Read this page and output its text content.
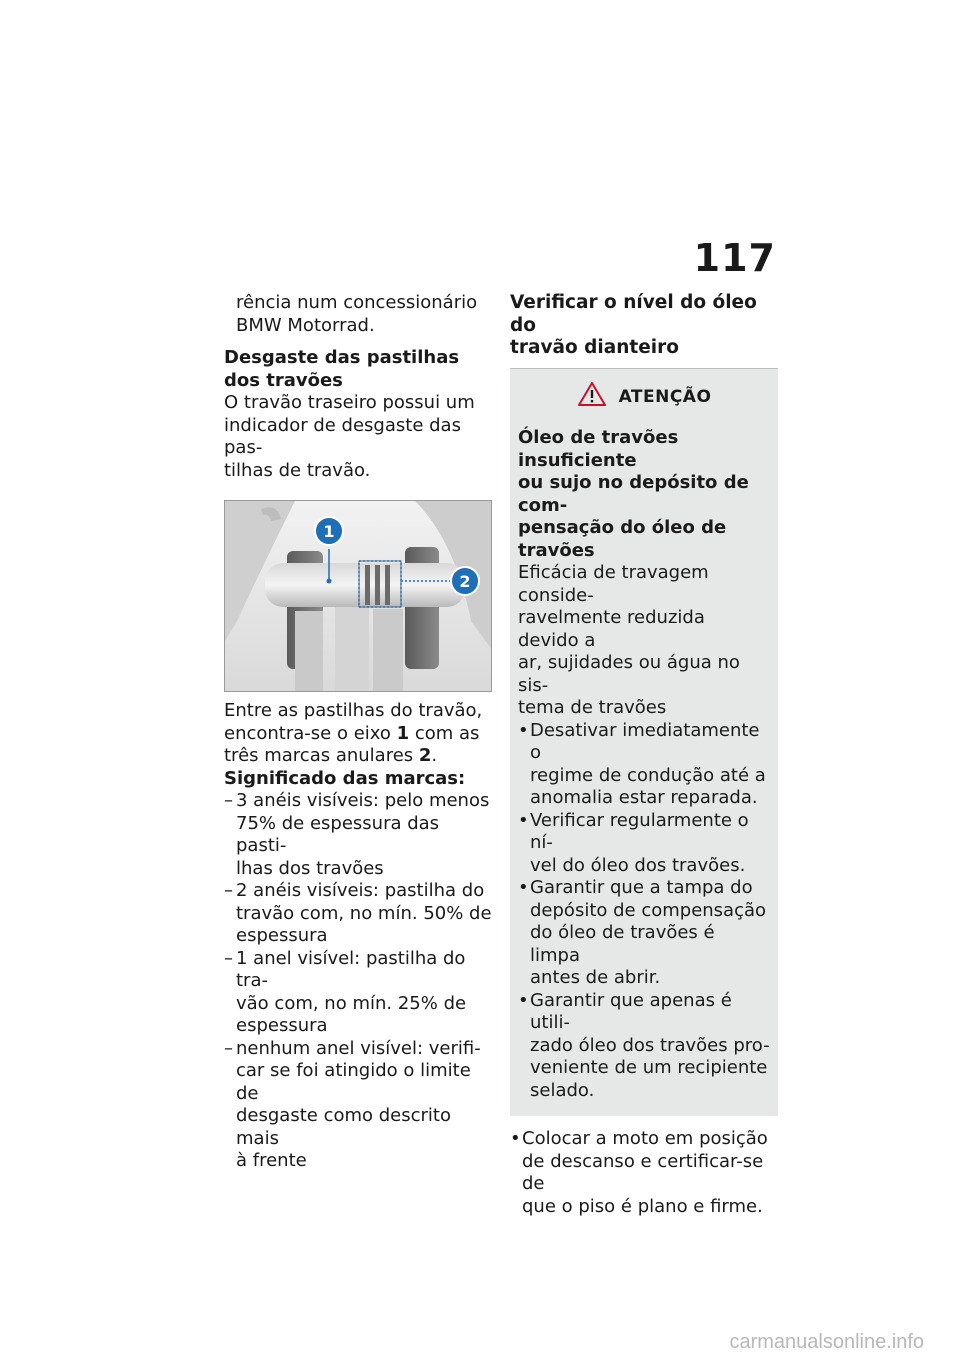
117

rência num concessionário

BMW Motorrad.

Desgaste das pastilhas dos travões

O travão traseiro possui um

indicador de desgaste das pas-

tilhas de travão.

1
2

Entre as pastilhas do travão,

encontra-se o eixo 1 com as

três marcas anulares 2.

Significado das marcas:

– 3 anéis visíveis: pelo menos
75% de espessura das pasti-
lhas dos travões
– 2 anéis visíveis: pastilha do
travão com, no mín. 50% de
espessura
– 1 anel visível: pastilha do tra-
vão com, no mín. 25% de
espessura
– nenhum anel visível: verifi-
car se foi atingido o limite de
desgaste como descrito mais
à frente

Verificar o nível do óleo do

travão dianteiro

ATENÇÃO

Óleo de travões insuficiente

ou sujo no depósito de com-

pensação do óleo de travões

Eficácia de travagem conside-

ravelmente reduzida devido a

ar, sujidades ou água no sis-

tema de travões

• Desativar imediatamente o
regime de condução até a
anomalia estar reparada.
• Verificar regularmente o ní-
vel do óleo dos travões.
• Garantir que a tampa do
depósito de compensação
do óleo de travões é limpa
antes de abrir.
• Garantir que apenas é utili-
zado óleo dos travões pro-
veniente de um recipiente
selado.
• Colocar a moto em posição
de descanso e certificar-se de
que o piso é plano e firme.
carmanualsonline.info
